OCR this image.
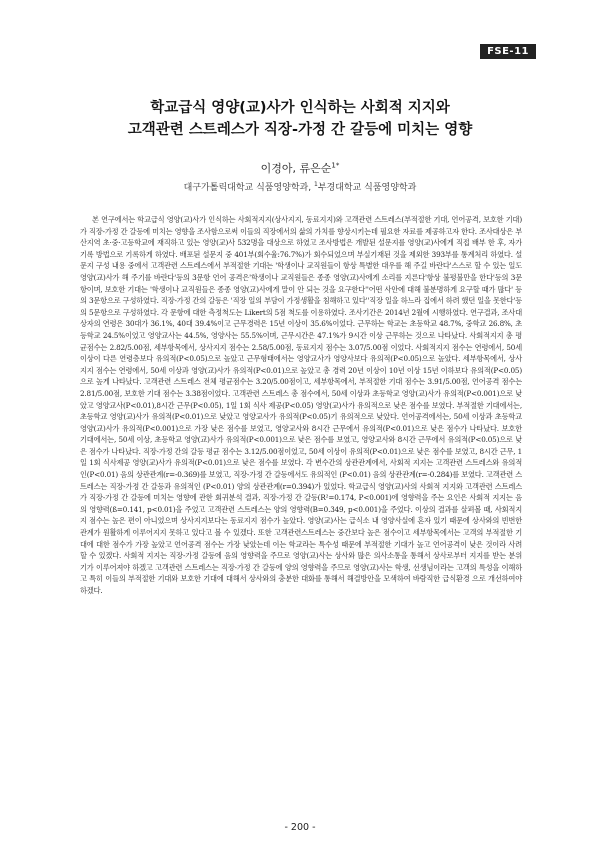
FSE-11
학교급식 영양(교)사가 인식하는 사회적 지지와
고객관련 스트레스가 직장-가정 간 갈등에 미치는 영향
이경아, 류은순$^{1*}$
대구가톨릭대학교 식품영양학과, $^1$부경대학교 식품영양학과
본 연구에서는 학교급식 영양(교)사가 인식하는 사회적지지(상사지지, 동료지지)와 고객관련 스트레스(부적절한 기대, 언어공격, 보호한 기대)가 직장-가정 간 갈등에 미치는 영향을 조사함으로써 이들의 직장에서의 삶의 가치를 향상시키는데 필요한 자료를 제공하고자 한다. 조사대상은 부산지역 초·중·고등학교에 재직하고 있는 영양(교)사 532명을 대상으로 하였고 조사방법은 개발된 설문지를 영양(교)사에게 직접 배부 한 후, 자가기록 방법으로 기록하게 하였다. 배포된 설문지 중 401부(회수율:76.7%)가 회수되었으며 부실기재된 것을 제외한 393부를 통계처리 하였다. 설문지 구성 내용 중에서 고객관련 스트레스에서 부적절한 기대는 '학생이나 교직원들이 항상 특별한 대우를 해 주길 바란다'스스로 할 수 있는 일도 영양(교)사가 해 주기를 바란다'등의 3문항 언어 공격은'학생이나 교직원들은 종종 영양(교)사에게 소리를 지른다'항상 불평불만을 한다'등의 3문항이며, 보호한 기대는 '학생이나 교직원들은 종종 영양(교)사에게 말이 안 되는 것을 요구한다''어떤 사안에 대해 불분명하게 요구할 때가 많다' 등의 3문항으로 구성하였다. 직장-가정 간의 갈등은 '직장 일의 부담이 가정생활을 침해하고 있다''직장 일을 하느라 집에서 하려 했던 일을 못한다'등의 5문항으로 구성하였다. 각 문항에 대한 측정척도는 Likert의 5점 척도를 이용하였다. 조사기간은 2014년 2월에 시행하였다. 연구결과, 조사대상자의 연령은 30대가 36.1%, 40대 39.4%이고 근무경력은 15년 이상이 35.6%이었다. 근무하는 학교는 초등학교 48.7%, 중학교 26.8%, 초등학교 24.5%이었고 영양교사는 44.5%, 영양사는 55.5%이며, 근무시간은 47.1%가 9시간 이상 근무하는 것으로 나타났다. 사회적지지 총 평균점수는 2.82/5.00점, 세부항목에서, 상사지지 점수는 2.58/5.00점, 동료지지 점수는 3.07/5.00점 이었다. 사회적지지 점수는 연령에서, 50세 이상이 다른 연령층보다 유의적(P<0.05)으로 높았고 근무형태에서는 영양교사가 영양사보다 유의적(P<0.05)으로 높았다. 세부항목에서, 상사지지 점수는 연령에서, 50세 이상과 영양(교)사가 유의적(P<0.01)으로 높았고 총 경력 20년 이상이 10년 이상 15년 이하보다 유의적(P<0.05)으로 높게 나타났다. 고객관련 스트레스 전체 평균점수는 3.20/5.00점이고, 세부항목에서, 부적절한 기대 점수는 3.91/5.00점, 언어공격 점수는 2.81/5.00점, 보호한 기대 점수는 3.38점이었다. 고객관련 스트레스 총 점수에서, 50세 이상과 초등학교 영양(교)사가 유의적(P<0.001)으로 낮았고 영양교사(P<0.01),8시간 근무(P<0.05), 1일 1회 식사 제공(P<0.05) 영양(교)사가 유의적으로 낮은 점수를 보였다. 부적절한 기대에서는, 초등학교 영양(교)사가 유의적(P<0.01)으로 낮았고 영양교사가 유의적(P<0.05)기 유의적으로 낮았다. 언어공격에서는, 50세 이상과 초등학교 영양(교)사가 유의적(P<0.001)으로 가장 낮은 점수를 보였고, 영양교사와 8시간 근무에서 유의적(P<0.01)으로 낮은 점수가 나타났다. 보호한 기대에서는, 50세 이상, 초등학교 영양(교)사가 유의적(P<0.001)으로 낮은 점수를 보였고, 영양교사와 8시간 근무에서 유의적(P<0.05)으로 낮은 점수가 나타났다. 직장-가정 간의 갈등 평균 점수는 3.12/5.00점이었고, 50세 이상이 유의적(P<0.01)으로 낮은 점수를 보였고, 8시간 근무, 1일 1회 식사제공 영양(교)사가 유의적(P<0.01)으로 낮은 점수를 보였다. 각 변수간의 상관관계에서, 사회적 지지는 고객관련 스트레스와 유의적인(P<0.01) 음의 상관관계(r=-0.369)를 보였고, 직장-가정 간 갈등에서도 유의적인 (P<0.01) 음의 상관관계(r=-0.284)를 보였다. 고객관련 스트레스는 직장-가정 간 갈등과 유의적인 (P<0.01) 양의 상관관계(r=0.394)가 있었다. 학교급식 영양(교)사의 사회적 지지와 고객관련 스트레스가 직장-가정 간 갈등에 미치는 영향에 관한 회귀분석 결과, 직장-가정 간 갈등(R²=0.174, P<0.001)에 영향력을 주는 요인은 사회적 지지는 음의 영향력(ß=0.141, p<0.01)을 주었고 고객관련 스트레스는 양의 영향력(B=0.349, p<0.001)을 주었다. 이상의 결과를 살펴볼 때, 사회적지지 점수는 높은 편이 아니었으며 상사지지보다는 동료지지 점수가 높았다. 영양(교)사는 급식소 내 영양사실에 혼자 있기 때문에 상사와의 빈번한 관계가 원활하게 이루어지지 못하고 있다고 볼 수 있겠다. 또한 고객관련스트레스는 중간보다 높은 점수이고 세부항목에서는 고객의 부적절한 기대에 대한 점수가 가장 높았고 언어공격 점수는 가장 낮았는데 이는 학교라는 특수성 때문에 부적절한 기대가 높고 언어공격이 낮은 것이라 사려 할 수 있겠다. 사회적 지지는 직장-가정 갈등에 음의 영향력을 주므로 영양(교)사는 상사와 많은 의사소통을 통해서 상사로부터 지지를 받는 분위기가 이루어져야 하겠고 고객관련 스트레스는 직장-가정 간 갈등에 양의 영향력을 주므로 영양(교)사는 학생, 선생님이라는 고객의 특성을 이해하고 특히 이들의 부적절한 기대와 보호한 기대에 대해서 상사와의 충분한 대화를 통해서 해결방안을 모색하여 바람직한 급식환경 으로 개선하여야 하겠다.
- 200 -
